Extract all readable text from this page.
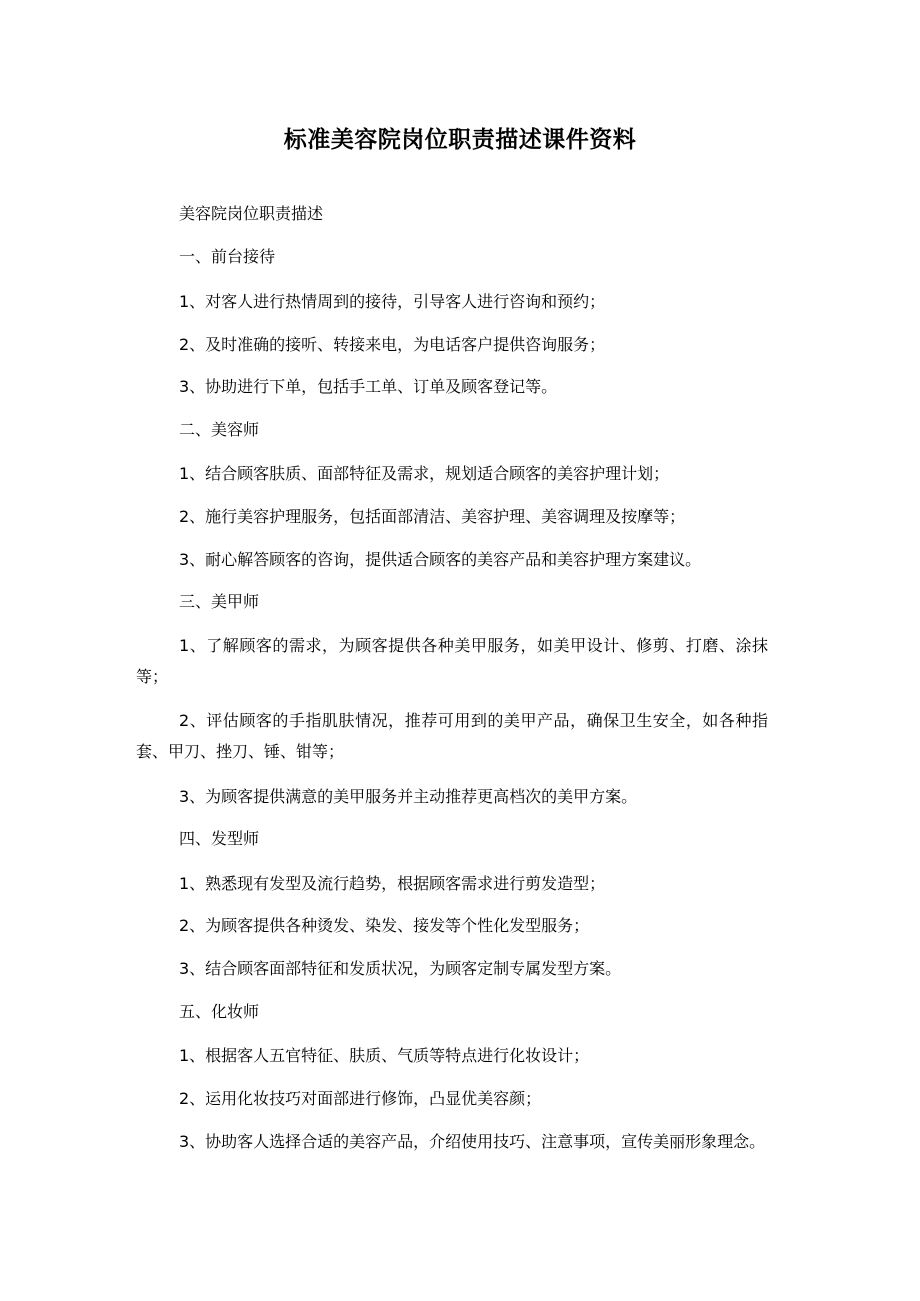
标准美容院岗位职责描述课件资料
美容院岗位职责描述
一、前台接待
1、对客人进行热情周到的接待，引导客人进行咨询和预约；
2、及时准确的接听、转接来电，为电话客户提供咨询服务；
3、协助进行下单，包括手工单、订单及顾客登记等。
二、美容师
1、结合顾客肤质、面部特征及需求，规划适合顾客的美容护理计划；
2、施行美容护理服务，包括面部清洁、美容护理、美容调理及按摩等；
3、耐心解答顾客的咨询，提供适合顾客的美容产品和美容护理方案建议。
三、美甲师
1、了解顾客的需求，为顾客提供各种美甲服务，如美甲设计、修剪、打磨、涂抹等；
2、评估顾客的手指肌肤情况，推荐可用到的美甲产品，确保卫生安全，如各种指套、甲刀、挫刀、锤、钳等；
3、为顾客提供满意的美甲服务并主动推荐更高档次的美甲方案。
四、发型师
1、熟悉现有发型及流行趋势，根据顾客需求进行剪发造型；
2、为顾客提供各种烫发、染发、接发等个性化发型服务；
3、结合顾客面部特征和发质状况，为顾客定制专属发型方案。
五、化妆师
1、根据客人五官特征、肤质、气质等特点进行化妆设计；
2、运用化妆技巧对面部进行修饰，凸显优美容颜；
3、协助客人选择合适的美容产品，介绍使用技巧、注意事项，宣传美丽形象理念。
